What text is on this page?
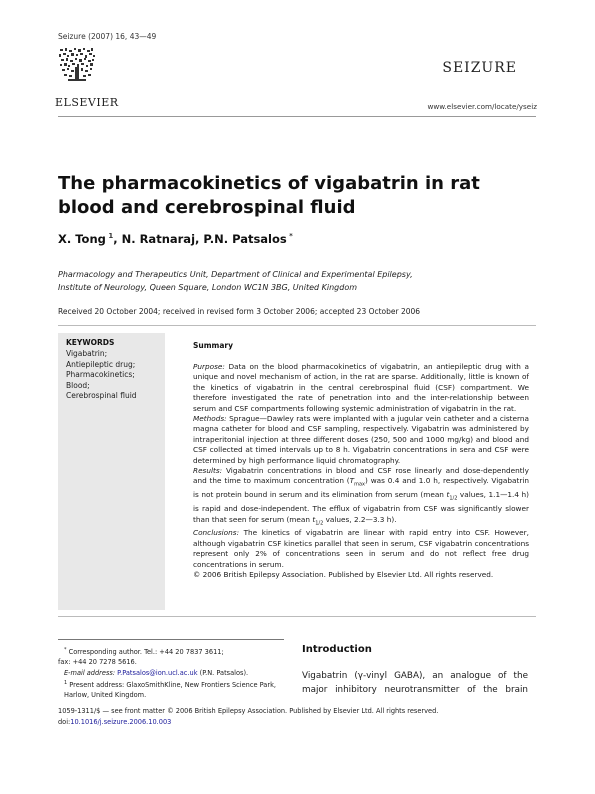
Seizure (2007) 16, 43—49
ELSEVIER
SEIZURE
www.elsevier.com/locate/yseiz
The pharmacokinetics of vigabatrin in rat blood and cerebrospinal fluid
X. Tong $^1$, N. Ratnaraj, P.N. Patsalos *
Pharmacology and Therapeutics Unit, Department of Clinical and Experimental Epilepsy,
Institute of Neurology, Queen Square, London WC1N 3BG, United Kingdom
Received 20 October 2004; received in revised form 3 October 2006; accepted 23 October 2006
KEYWORDS
Vigabatrin;
Antiepileptic drug;
Pharmacokinetics;
Blood;
Cerebrospinal fluid
Summary

Purpose: Data on the blood pharmacokinetics of vigabatrin, an antiepileptic drug with a unique and novel mechanism of action, in the rat are sparse. Additionally, little is known of the kinetics of vigabatrin in the central cerebrospinal fluid (CSF) compartment. We therefore investigated the rate of penetration into and the inter-relationship between serum and CSF compartments following systemic administration of vigabatrin in the rat.

Methods: Sprague—Dawley rats were implanted with a jugular vein catheter and a cisterna magna catheter for blood and CSF sampling, respectively. Vigabatrin was administered by intraperitonial injection at three different doses (250, 500 and 1000 mg/kg) and blood and CSF collected at timed intervals up to 8 h. Vigabatrin concentrations in sera and CSF were determined by high performance liquid chromatography.

Results: Vigabatrin concentrations in blood and CSF rose linearly and dose-dependently and the time to maximum concentration $(T_{max})$ was 0.4 and 1.0 h, respectively. Vigabatrin is not protein bound in serum and its elimination from serum (mean $t_{1/2}$ values, 1.1—1.4 h) is rapid and dose-independent. The efflux of vigabatrin from CSF was significantly slower than that seen for serum (mean $t_{1/2}$ values, 2.2—3.3 h).

Conclusions: The kinetics of vigabatrin are linear with rapid entry into CSF. However, although vigabatrin CSF kinetics parallel that seen in serum, CSF vigabatrin concentrations represent only 2% of concentrations seen in serum and do not reflect free drug concentrations in serum.

© 2006 British Epilepsy Association. Published by Elsevier Ltd. All rights reserved.

* Corresponding author. Tel.: +44 20 7837 3611;
fax: +44 20 7278 5616.
E-mail address: P.Patsalos@ion.ucl.ac.uk (P.N. Patsalos).
$^1$ Present address: GlaxoSmithKline, New Frontiers Science Park, Harlow, United Kingdom.
Introduction
Vigabatrin (γ-vinyl GABA), an analogue of the major inhibitory neurotransmitter of the brain
1059-1311/$ — see front matter © 2006 British Epilepsy Association. Published by Elsevier Ltd. All rights reserved.
doi:10.1016/j.seizure.2006.10.003
